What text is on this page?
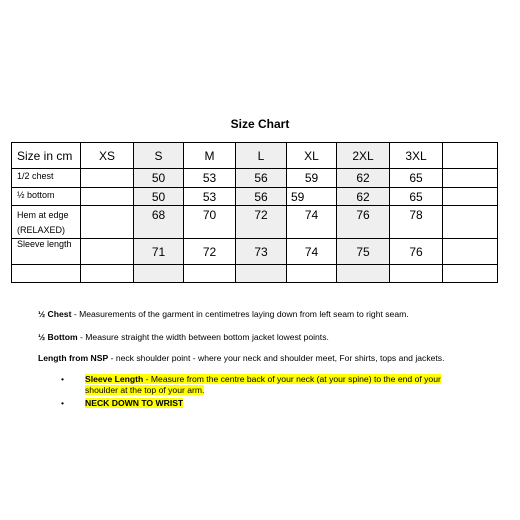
Size Chart
Size in cm	XS	S	M	L	XL	2XL	3XL	
1/2 chest		50	53	56	59	62	65	
½ bottom		50	53	56	59	62	65	
Hem at edge
(RELAXED)		68	70	72	74	76	78	
Sleeve length		71	72	73	74	75	76	

½ Chest - Measurements of the garment in centimetres laying down from left seam to right seam.

½ Bottom - Measure straight the width between bottom jacket lowest points.

Length from NSP - neck shoulder point - where your neck and shoulder meet, For shirts, tops and jackets.

• Sleeve Length - Measure from the centre back of your neck (at your spine) to the end of your
shoulder at the top of your arm.
• NECK DOWN TO WRIST
